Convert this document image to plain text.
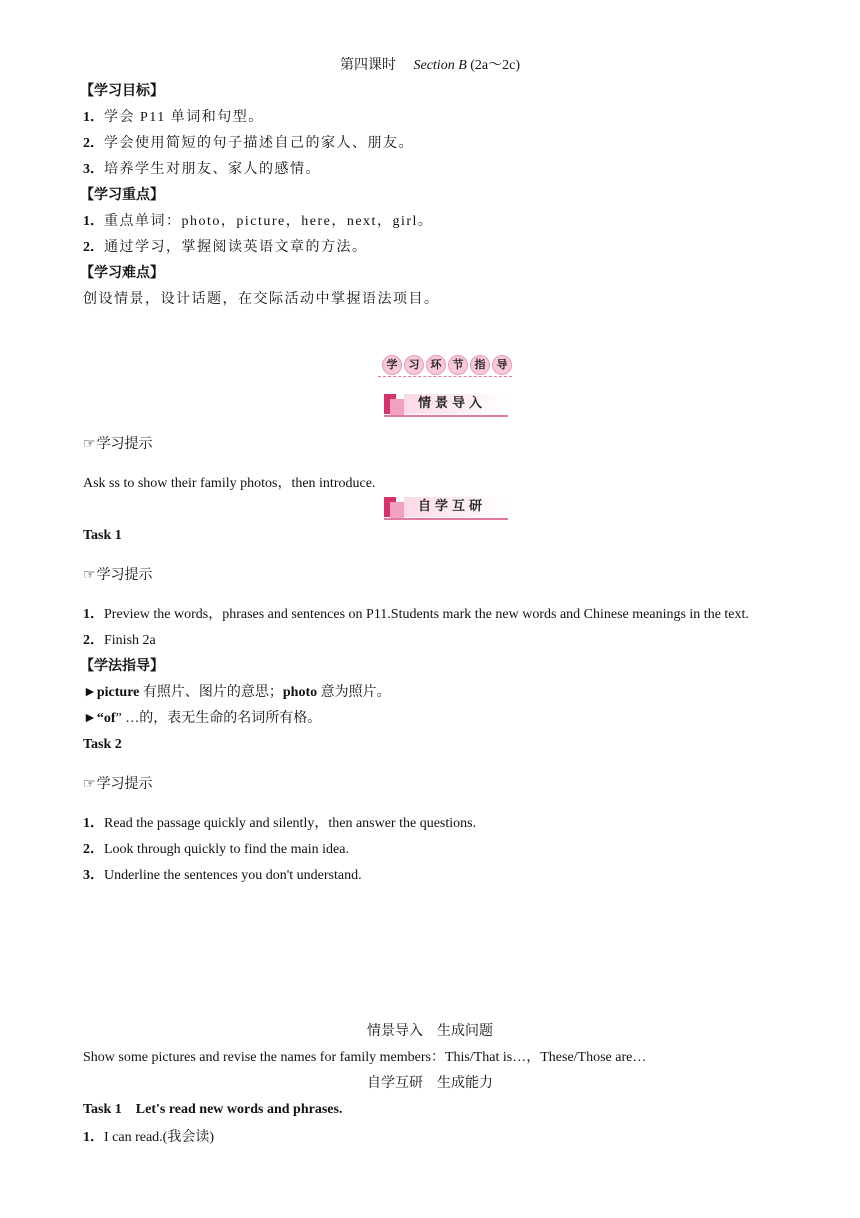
第四课时　 Section B (2a～2c)
【学习目标】
1．学会 P11 单词和句型。
2．学会使用简短的句子描述自己的家人、朋友。
3．培养学生对朋友、家人的感情。
【学习重点】
1．重点单词：photo，picture，here，next，girl。
2．通过学习，掌握阅读英语文章的方法。
【学习难点】
创设情景，设计话题，在交际活动中掌握语法项目。
学	习	环	节	指	导
情景导入
☞学习提示
Ask ss to show their family photos，then introduce.
自学互研
Task 1
☞学习提示
1．Preview the words，phrases and sentences on P11.Students mark the new words and Chinese meanings in the text.
2．Finish 2a
【学法指导】
►picture 有照片、图片的意思；photo 意为照片。
►“of” …的，表无生命的名词所有格。
Task 2
☞学习提示
1．Read the passage quickly and silently，then answer the questions.
2．Look through quickly to find the main idea.
3．Underline the sentences you don't understand.
情景导入　生成问题
Show some pictures and revise the names for family members：This/That is…，These/Those are…
自学互研　生成能力
Task 1　Let's read new words and phrases.
1．I can read.(我会读)
